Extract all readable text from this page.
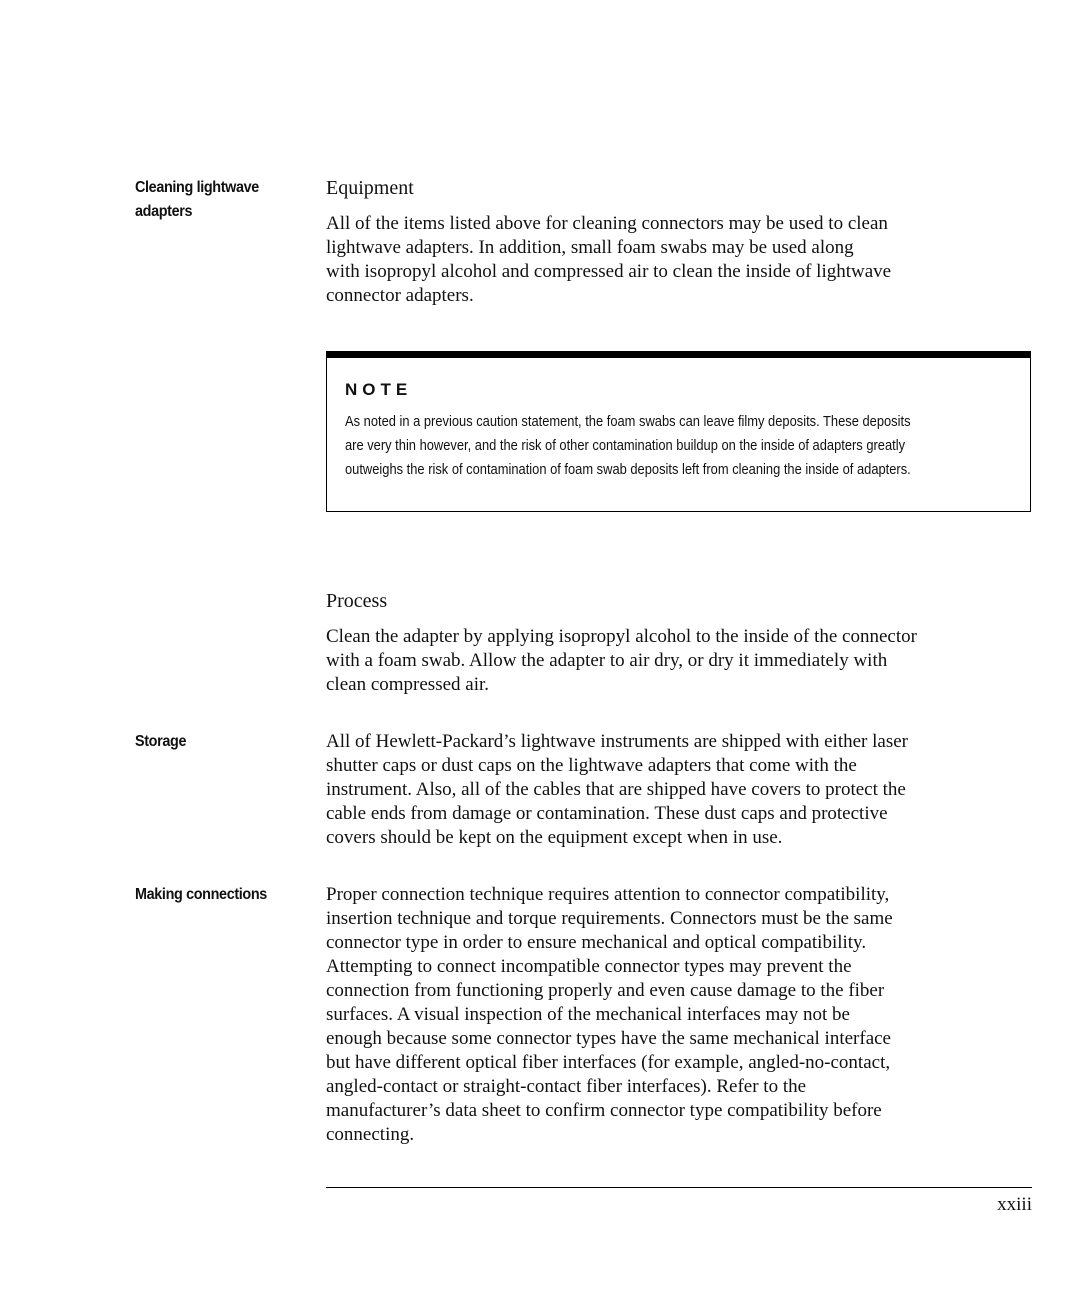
Cleaning lightwave
adapters
Equipment

All of the items listed above for cleaning connectors may be used to clean
lightwave adapters. In addition, small foam swabs may be used along
with isopropyl alcohol and compressed air to clean the inside of lightwave
connector adapters.

NOTE
As noted in a previous caution statement, the foam swabs can leave filmy deposits. These deposits
are very thin however, and the risk of other contamination buildup on the inside of adapters greatly
outweighs the risk of contamination of foam swab deposits left from cleaning the inside of adapters.
Process

Clean the adapter by applying isopropyl alcohol to the inside of the connector
with a foam swab. Allow the adapter to air dry, or dry it immediately with
clean compressed air.

Storage	All of Hewlett-Packard’s lightwave instruments are shipped with either laser
shutter caps or dust caps on the lightwave adapters that come with the
instrument. Also, all of the cables that are shipped have covers to protect the
cable ends from damage or contamination. These dust caps and protective
covers should be kept on the equipment except when in use.

Making connections	Proper connection technique requires attention to connector compatibility,
insertion technique and torque requirements. Connectors must be the same
connector type in order to ensure mechanical and optical compatibility.
Attempting to connect incompatible connector types may prevent the
connection from functioning properly and even cause damage to the fiber
surfaces. A visual inspection of the mechanical interfaces may not be
enough because some connector types have the same mechanical interface
but have different optical fiber interfaces (for example, angled-no-contact,
angled-contact or straight-contact fiber interfaces). Refer to the
manufacturer’s data sheet to confirm connector type compatibility before
connecting.

xxiii
